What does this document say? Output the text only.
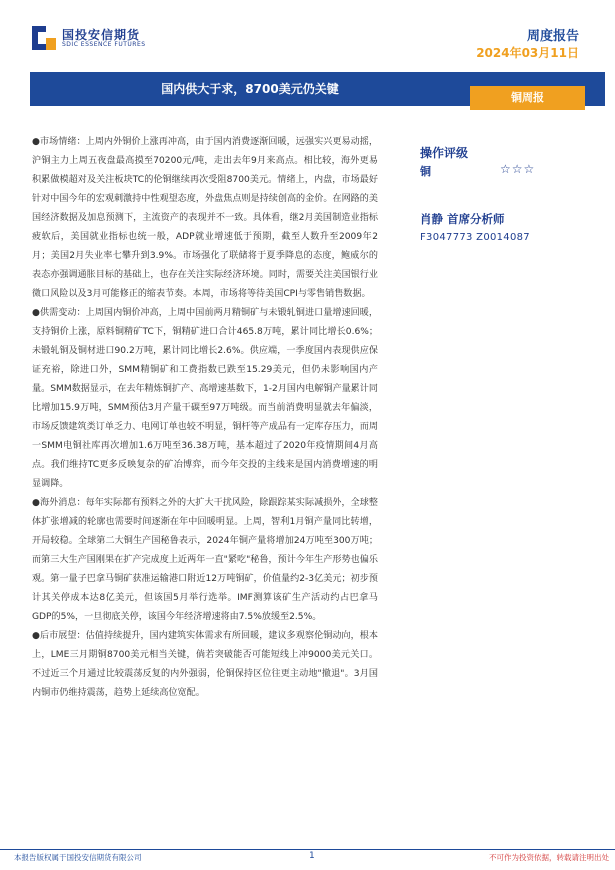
国投安信期货
SDIC ESSENCE FUTURES
周度报告
2024年03月11日
国内供大于求，8700美元仍关键
铜周报

●市场情绪：上周内外铜价上涨再冲高，由于国内消费逐渐回暖，远强实兴更易动摇，沪铜主力上周五夜盘最高摸至70200元/吨，走出去年9月来高点。相比较，海外更易积累做模超对及关注板块TC的伦铜继续再次受阻8700美元。情绪上，内盘，市场最好针对中国今年的宏观刺激持中性观望态度，外盘焦点则是持续创高的金价。在网路的美国经济数据及加息预测下，主流资产的表现并不一致。具体看，继2月美国制造业指标疲软后，美国就业指标也统一般，ADP就业增速低于预期，截至人数升至2009年2月；美国2月失业率七攀升到3.9%。市场强化了联储将于夏季降息的态度，鲍威尔的表态亦强调通胀目标的基础上，也存在关注实际经济环境。同时，需要关注美国银行业微口风险以及3月可能修正的缩表节奏。本周，市场将等待美国CPI与零售销售数据。

●供需变动：上周国内铜价冲高，上周中国前两月精铜矿与未锻轧铜进口量增速回暖，支持铜价上涨，原料铜精矿TC下，铜精矿进口合计465.8万吨，累计同比增长0.6%；未锻轧铜及铜材进口90.2万吨，累计同比增长2.6%。供应端，一季度国内表现供应保证充裕，除进口外，SMM精铜矿和工费指数已跌至15.29美元，但仍未影响国内产量。SMM数据显示，在去年精炼铜扩产、高增速基数下，1-2月国内电解铜产量累计同比增加15.9万吨，SMM预估3月产量干碳至97万吨级。而当前消费明显就去年偏淡，市场反馈建筑类订单乏力、电网订单也较不明显，铜杆等产成品有一定库存压力，而周一SMM电铜社库再次增加1.6万吨至36.38万吨，基本超过了2020年疫情期间4月高点。我们维持TC更多反映复杂的矿冶博弈，而今年交投的主线来是国内消费增速的明显调降。

●海外消息：每年实际都有预料之外的大扩大干扰风险，除跟踪某实际减损外，全球整体扩张增减的轮廓也需要时间逐渐在年中回暖明显。上周，智利1月铜产量同比转增，开局较稳。全球第二大铜生产国秘鲁表示，2024年铜产量将增加24万吨至300万吨；而第三大生产国刚果在扩产完成度上近两年一直"紧吃"秘鲁，预计今年生产形势也偏乐观。第一量子巴拿马铜矿获准运输港口附近12万吨铜矿，价值量约2-3亿美元；初步预计其关停成本达8亿美元，但该国5月举行选举。IMF测算该矿生产活动约占巴拿马GDP的5%，一旦彻底关停，该国今年经济增速将由7.5%放缓至2.5%。

●后市展望：估值持续提升，国内建筑实体需求有所回暖，建议多观察伦铜动向，根本上，LME三月期铜8700美元相当关键，倘若突破能否可能短线上冲9000美元关口。不过近三个月通过比较震荡反复的内外强弱，伦铜保持区位往更主动地"撤退"。3月国内铜市仍维持震荡，趋势上延续高位宽配。

操作评级
铜	☆☆☆
肖静 首席分析师
F3047773 Z0014087
本报告版权属于国投安信期货有限公司	1	不可作为投资依据，转载请注明出处
